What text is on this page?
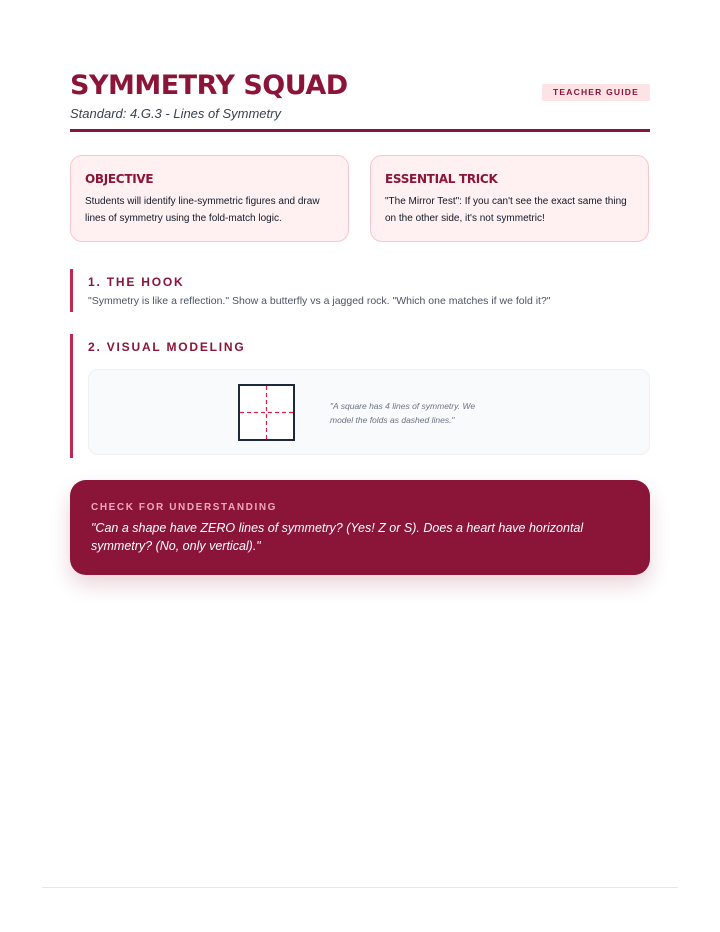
SYMMETRY SQUAD	TEACHER GUIDE
Standard: 4.G.3 - Lines of Symmetry
OBJECTIVE
Students will identify line-symmetric figures and draw lines of symmetry using the fold-match logic.
ESSENTIAL TRICK
"The Mirror Test": If you can't see the exact same thing on the other side, it's not symmetric!
1. THE HOOK
"Symmetry is like a reflection." Show a butterfly vs a jagged rock. "Which one matches if we fold it?"
2. VISUAL MODELING
"A square has 4 lines of symmetry. We model the folds as dashed lines."
CHECK FOR UNDERSTANDING
"Can a shape have ZERO lines of symmetry? (Yes! Z or S). Does a heart have horizontal symmetry? (No, only vertical)."
